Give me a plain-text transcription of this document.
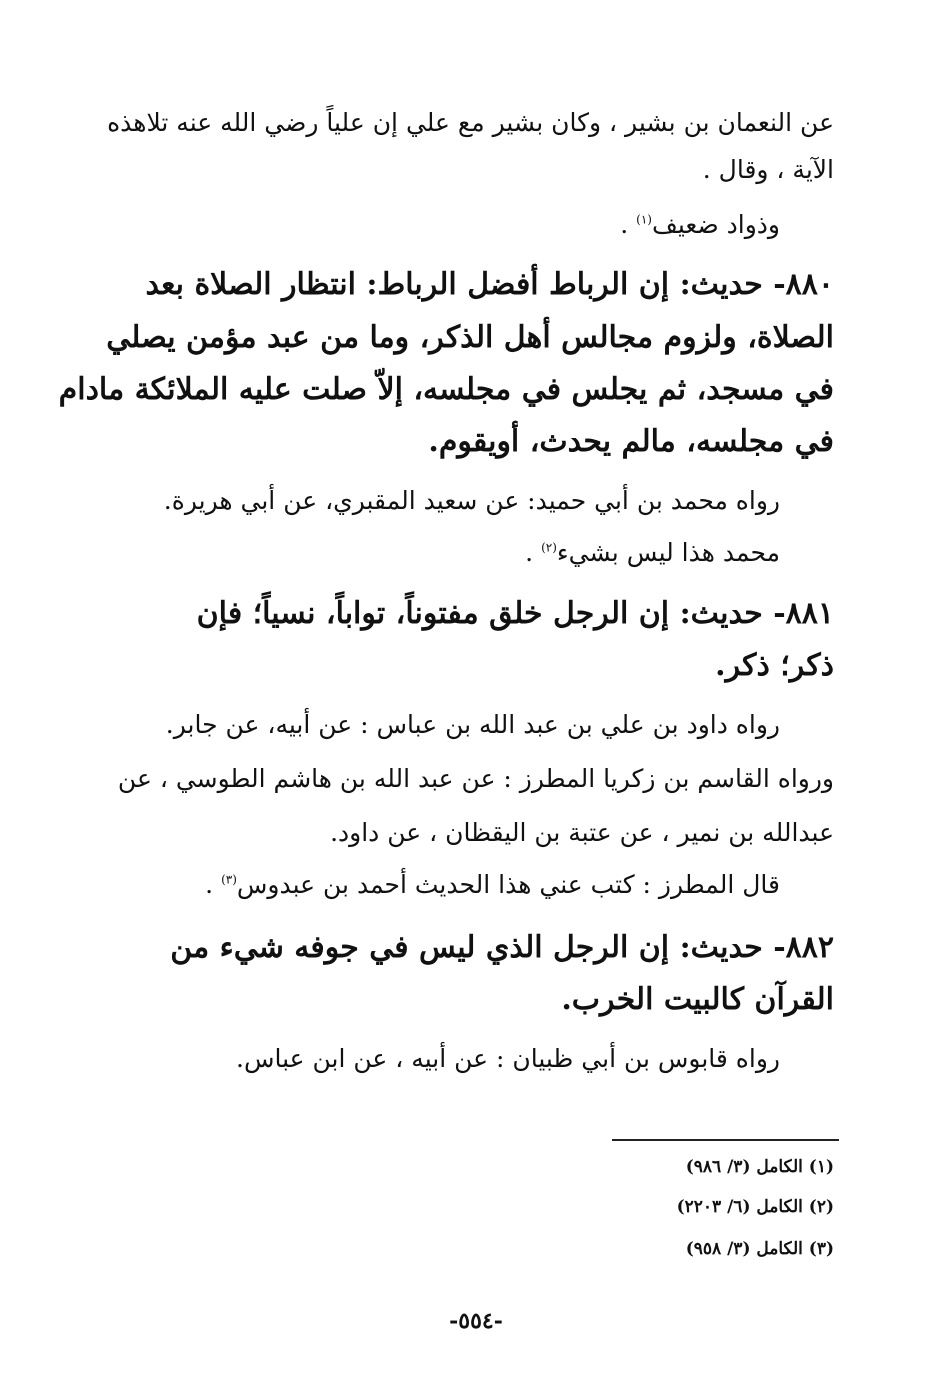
عن النعمان بن بشير ، وكان بشير مع علي إن علياً رضي الله عنه تلاهذه
الآية ، وقال .
وذواد ضعيف$^{(١)}$ .
٨٨٠- حديث: إن الرباط أفضل الرباط: انتظار الصلاة بعد
الصلاة، ولزوم مجالس أهل الذكر، وما من عبد مؤمن يصلي
في مسجد، ثم يجلس في مجلسه، إلاّ صلت عليه الملائكة مادام
في مجلسه، مالم يحدث، أويقوم.
رواه محمد بن أبي حميد: عن سعيد المقبري، عن أبي هريرة.
محمد هذا ليس بشيء$^{(٢)}$ .
٨٨١- حديث: إن الرجل خلق مفتوناً، تواباً، نسياً؛ فإن
ذكر؛ ذكر.
رواه داود بن علي بن عبد الله بن عباس : عن أبيه، عن جابر.
ورواه القاسم بن زكريا المطرز : عن عبد الله بن هاشم الطوسي ، عن
عبدالله بن نمير ، عن عتبة بن اليقظان ، عن داود.
قال المطرز : كتب عني هذا الحديث أحمد بن عبدوس$^{(٣)}$ .
٨٨٢- حديث: إن الرجل الذي ليس في جوفه شيء من
القرآن كالبيت الخرب.
رواه قابوس بن أبي ظبيان : عن أبيه ، عن ابن عباس.
(١) الكامل (٣/ ٩٨٦)
(٢) الكامل (٦/ ٢٢٠٣)
(٣) الكامل (٣/ ٩٥٨)
-٥٥٤-
